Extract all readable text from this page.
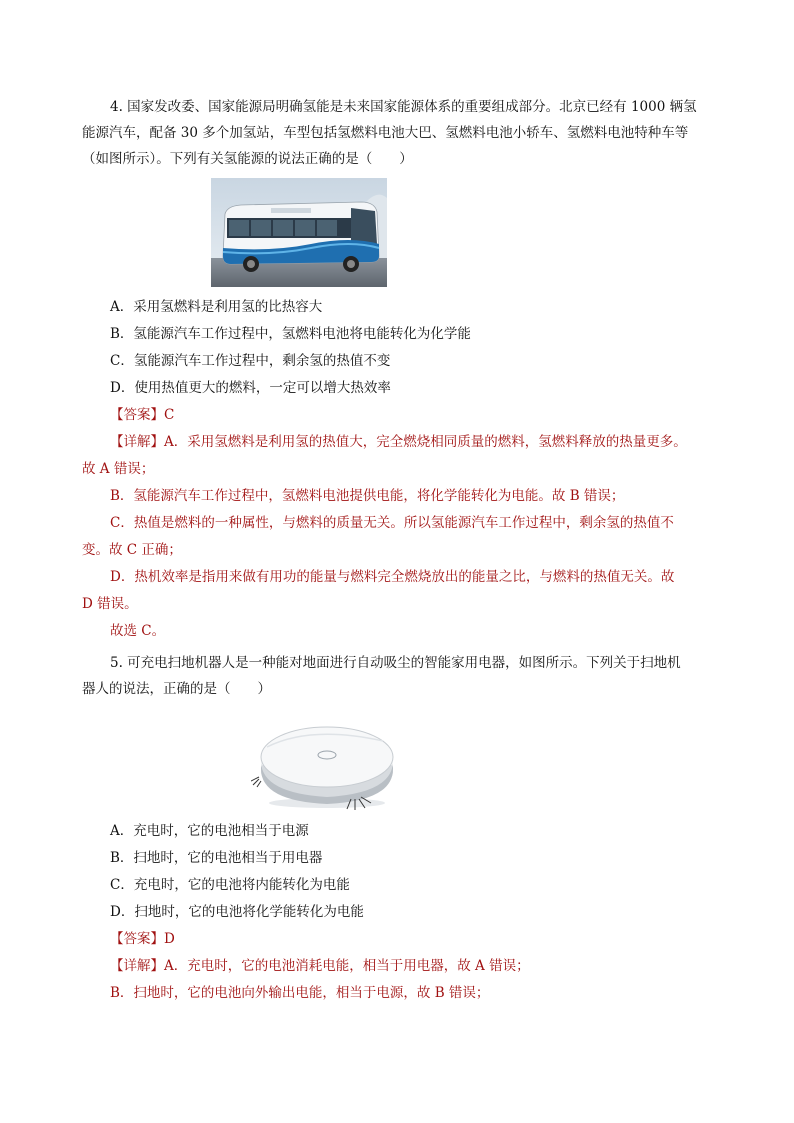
4. 国家发改委、国家能源局明确氢能是未来国家能源体系的重要组成部分。北京已经有 1000 辆氢
能源汽车，配备 30 多个加氢站，车型包括氢燃料电池大巴、氢燃料电池小轿车、氢燃料电池特种车等
（如图所示）。下列有关氢能源的说法正确的是（　　）
A．采用氢燃料是利用氢的比热容大
B．氢能源汽车工作过程中，氢燃料电池将电能转化为化学能
C．氢能源汽车工作过程中，剩余氢的热值不变
D．使用热值更大的燃料，一定可以增大热效率
【答案】C
【详解】A．采用氢燃料是利用氢的热值大，完全燃烧相同质量的燃料，氢燃料释放的热量更多。
故 A 错误；
B．氢能源汽车工作过程中，氢燃料电池提供电能，将化学能转化为电能。故 B 错误；
C．热值是燃料的一种属性，与燃料的质量无关。所以氢能源汽车工作过程中，剩余氢的热值不
变。故 C 正确；
D．热机效率是指用来做有用功的能量与燃料完全燃烧放出的能量之比，与燃料的热值无关。故
D 错误。
故选 C。
5. 可充电扫地机器人是一种能对地面进行自动吸尘的智能家用电器，如图所示。下列关于扫地机
器人的说法，正确的是（　　）
A．充电时，它的电池相当于电源
B．扫地时，它的电池相当于用电器
C．充电时，它的电池将内能转化为电能
D．扫地时，它的电池将化学能转化为电能
【答案】D
【详解】A．充电时，它的电池消耗电能，相当于用电器，故 A 错误；
B．扫地时，它的电池向外输出电能，相当于电源，故 B 错误；
